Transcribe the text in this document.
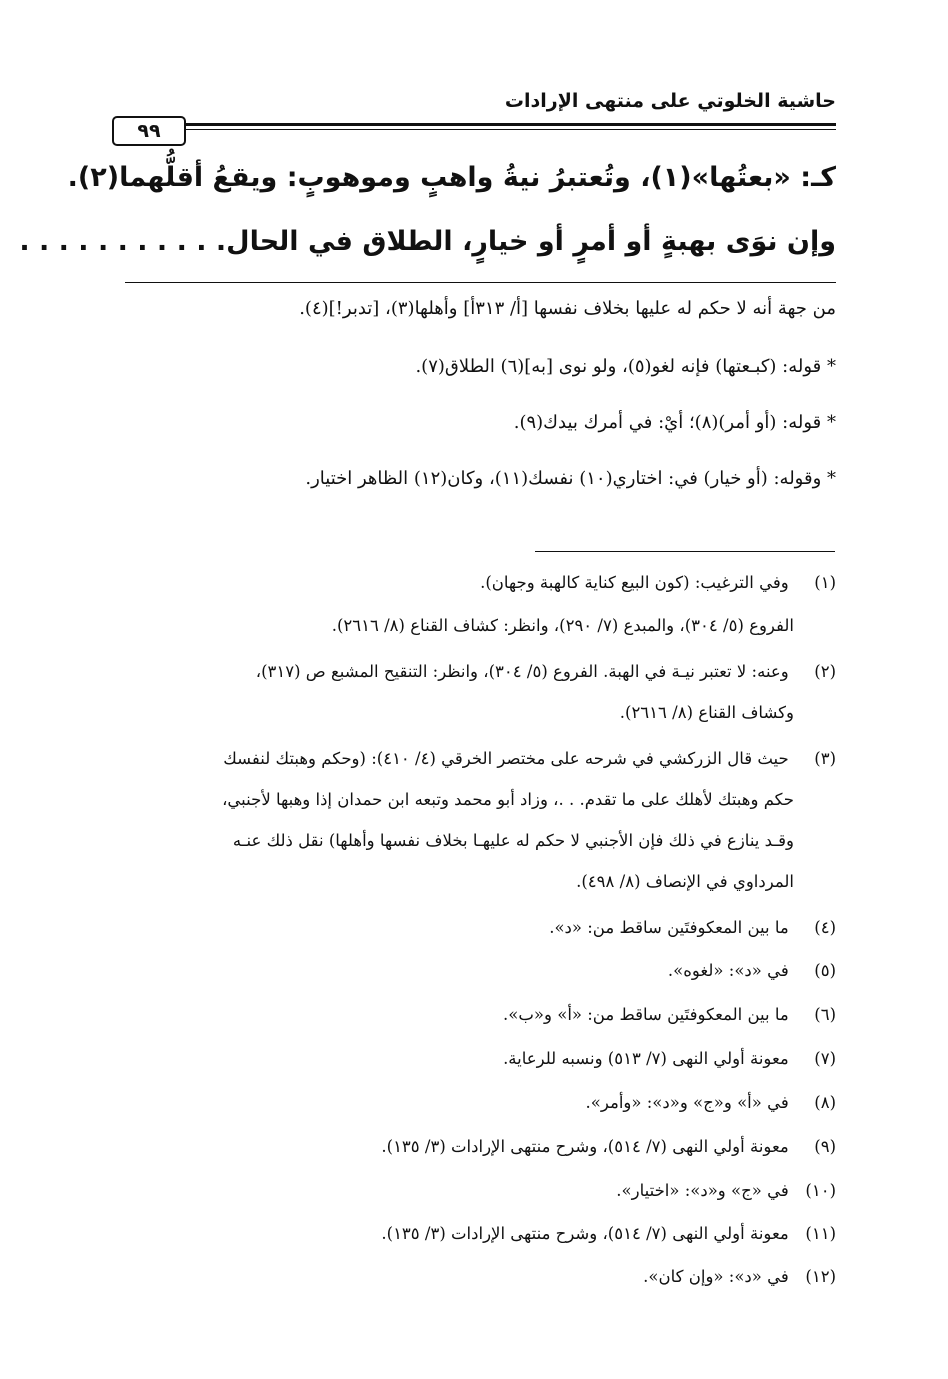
حاشية الخلوتي على منتهى الإرادات
٩٩
كـ: «بعتُها»(١)، وتُعتبرُ نيةُ واهبٍ وموهوبٍ: ويقعُ أقلُّهما(٢).
وإن نوَى بهبةٍ أو أمرٍ أو خيارٍ، الطلاق في الحال. . . . . . . . . . .
من جهة أنه لا حكم له عليها بخلاف نفسها [أ/ ٣١٣أ] وأهلها(٣)، [تدبر!](٤).
* قوله: (كبـعتها) فإنه لغو(٥)، ولو نوى [به](٦) الطلاق(٧).
* قوله: (أو أمر)(٨)؛ أيْ: في أمرك بيدك(٩).
* وقوله: (أو خيار) في: اختاري(١٠) نفسك(١١)، وكان(١٢) الظاهر اختيار.
(١) وفي الترغيب: (كون البيع كناية كالهبة وجهان).
الفروع (٥/ ٣٠٤)، والمبدع (٧/ ٢٩٠)، وانظر: كشاف القناع (٨/ ٢٦١٦).
(٢) وعنه: لا تعتبر نيـة في الهبة. الفروع (٥/ ٣٠٤)، وانظر: التنقيح المشبع ص (٣١٧)،
وكشاف القناع (٨/ ٢٦١٦).
(٣) حيث قال الزركشي في شرحه على مختصر الخرقي (٤/ ٤١٠): (وحكم وهبتك لنفسك
حكم وهبتك لأهلك على ما تقدم. . .، وزاد أبو محمد وتبعه ابن حمدان إذا وهبها لأجنبي،
وقـد ينازع في ذلك فإن الأجنبي لا حكم له عليهـا بخلاف نفسها وأهلها) نقل ذلك عنـه
المرداوي في الإنصاف (٨/ ٤٩٨).
(٤) ما بين المعكوفتَين ساقط من: «د».
(٥) في «د»: «لغوه».
(٦) ما بين المعكوفتَين ساقط من: «أ» و«ب».
(٧) معونة أولي النهى (٧/ ٥١٣) ونسبه للرعاية.
(٨) في «أ» و«ج» و«د»: «وأمر».
(٩) معونة أولي النهى (٧/ ٥١٤)، وشرح منتهى الإرادات (٣/ ١٣٥).
(١٠) في «ج» و«د»: «اختيار».
(١١) معونة أولي النهى (٧/ ٥١٤)، وشرح منتهى الإرادات (٣/ ١٣٥).
(١٢) في «د»: «وإن كان».
